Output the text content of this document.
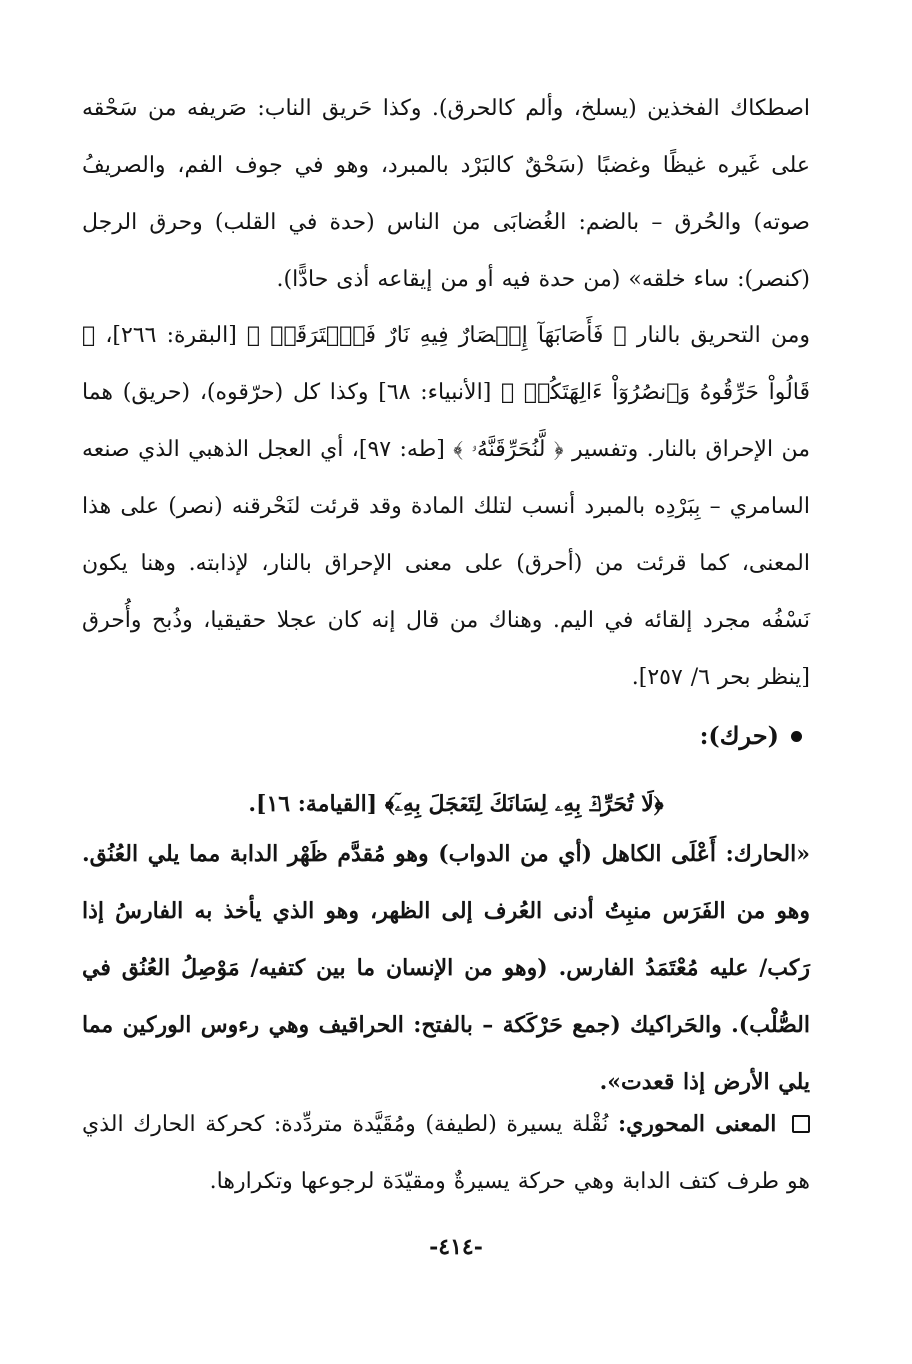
اصطكاك الفخذين (يسلخ، وألم كالحرق). وكذا حَريق الناب: صَريفه من سَحْقه على غَيره غيظًا وغضبًا (سَحْقٌ كالبَرْد بالمبرد، وهو في جوف الفم، والصريفُ صوته) والحُرق – بالضم: الغُضابَى من الناس (حدة في القلب) وحرق الرجل (كنصر): ساء خلقه» (من حدة فيه أو من إيقاعه أذى حادًّا).

ومن التحريق بالنار ﴿ فَأَصَابَهَآ إِعۡصَارٌ فِيهِ نَارٌ فَٱحۡتَرَقَتۡ ﴾ [البقرة: ٢٦٦]، ﴿ قَالُواْ حَرِّقُوهُ وَٱنصُرُوٓاْ ءَالِهَتَكُمۡ ﴾ [الأنبياء: ٦٨] وكذا كل (حرّقوه)، (حريق) هما من الإحراق بالنار. وتفسير ﴿ لَّنُحَرِّقَنَّهُۥ ﴾ [طه: ٩٧]، أي العجل الذهبي الذي صنعه السامري – بِبَرْدِه بالمبرد أنسب لتلك المادة وقد قرئت لنَحْرقنه (نصر) على هذا المعنى، كما قرئت من (أحرق) على معنى الإحراق بالنار، لإذابته. وهنا يكون نَسْفُه مجرد إلقائه في اليم. وهناك من قال إنه كان عجلا حقيقيا، وذُبح وأُحرق [ينظر بحر ٦/ ٢٥٧].

(حرك):

﴿لَا تُحَرِّكۡ بِهِۦ لِسَانَكَ لِتَعۡجَلَ بِهِۦٓ﴾ [القيامة: ١٦].

«الحارك: أَعْلَى الكاهل (أي من الدواب) وهو مُقدَّم ظَهْر الدابة مما يلي العُنُق. وهو من الفَرَس منبِتُ أدنى العُرف إلى الظهر، وهو الذي يأخذ به الفارسُ إذا رَكب/ عليه مُعْتَمَدُ الفارس. (وهو من الإنسان ما بين كتفيه/ مَوْصِلُ العُنُق في الصُّلْب). والحَراكيك (جمع حَرْكَكة – بالفتح: الحراقيف وهي رءوس الوركين مما يلي الأرض إذا قعدت».

المعنى المحوري: نُقْلة يسيرة (لطيفة) ومُقَيَّدة متردِّدة: كحركة الحارك الذي هو طرف كتف الدابة وهي حركة يسيرةٌ ومقيّدَة لرجوعها وتكرارها.

-٤١٤-
